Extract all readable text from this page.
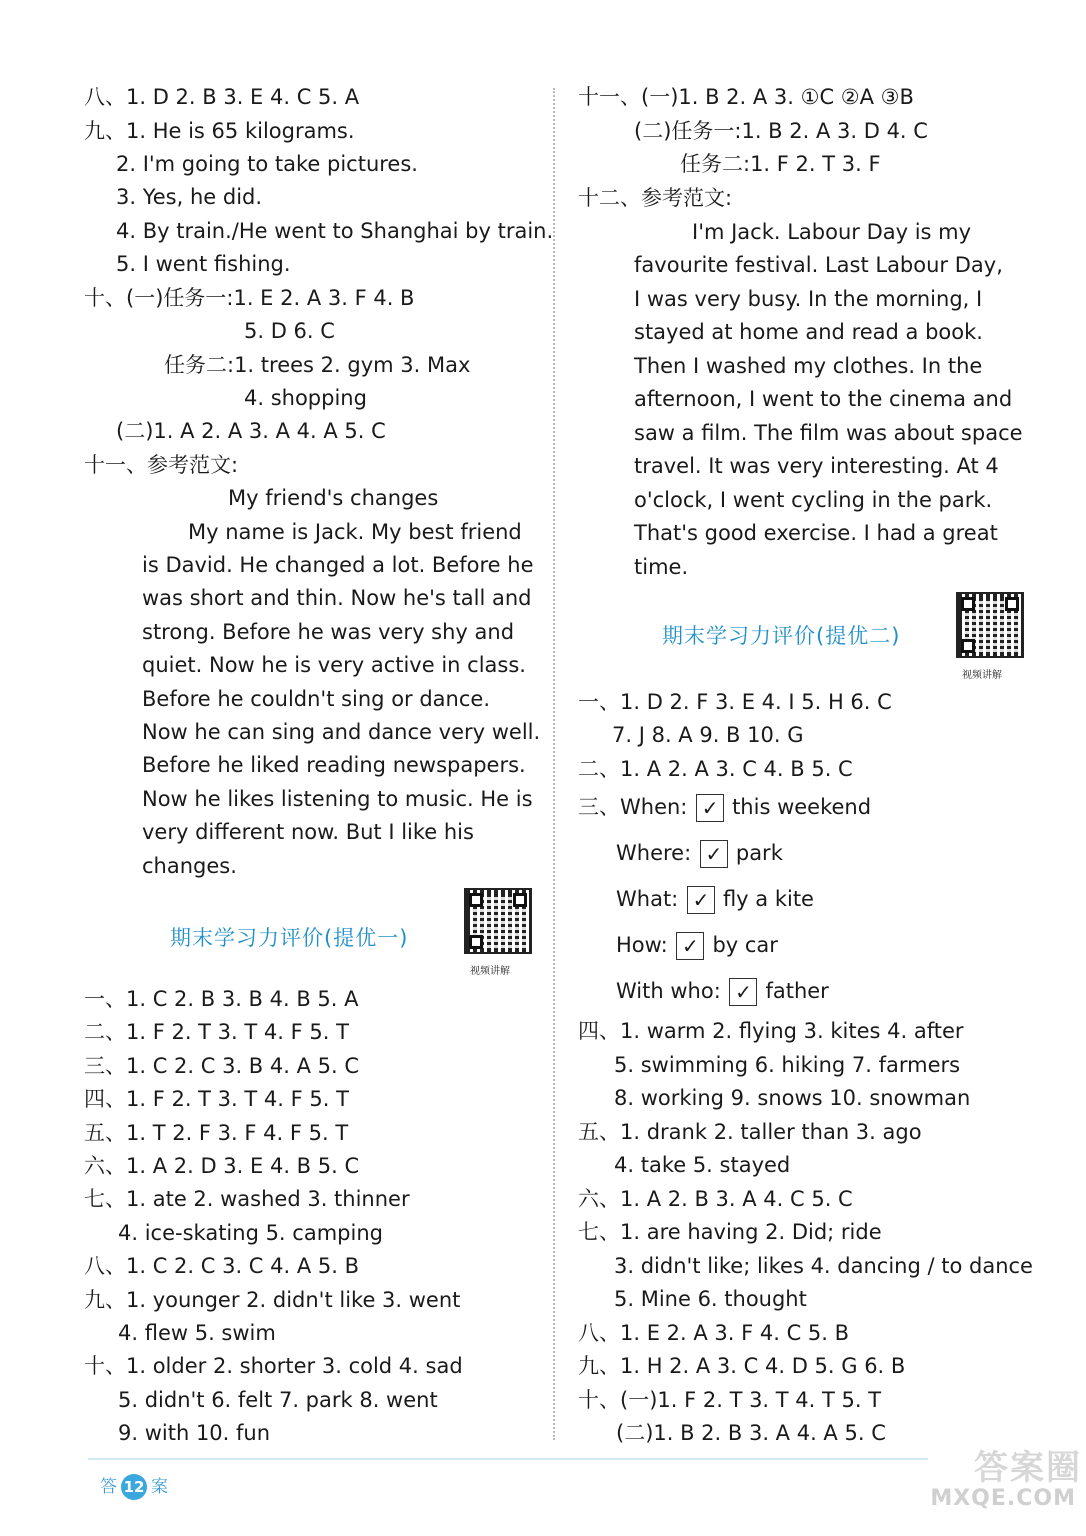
八、1. D 2. B 3. E 4. C 5. A
九、1. He is 65 kilograms.
2. I'm going to take pictures.
3. Yes, he did.
4. By train./He went to Shanghai by train.
5. I went fishing.
十、(一)任务一:1. E 2. A 3. F 4. B
5. D 6. C
任务二:1. trees 2. gym 3. Max
4. shopping
(二)1. A 2. A 3. A 4. A 5. C
十一、参考范文:
My friend's changes
My name is Jack. My best friend
is David. He changed a lot. Before he
was short and thin. Now he's tall and
strong. Before he was very shy and
quiet. Now he is very active in class.
Before he couldn't sing or dance.
Now he can sing and dance very well.
Before he liked reading newspapers.
Now he likes listening to music. He is
very different now. But I like his
changes.
期末学习力评价(提优一)
视频讲解
一、1. C 2. B 3. B 4. B 5. A
二、1. F 2. T 3. T 4. F 5. T
三、1. C 2. C 3. B 4. A 5. C
四、1. F 2. T 3. T 4. F 5. T
五、1. T 2. F 3. F 4. F 5. T
六、1. A 2. D 3. E 4. B 5. C
七、1. ate 2. washed 3. thinner
4. ice-skating 5. camping
八、1. C 2. C 3. C 4. A 5. B
九、1. younger 2. didn't like 3. went
4. flew 5. swim
十、1. older 2. shorter 3. cold 4. sad
5. didn't 6. felt 7. park 8. went
9. with 10. fun
十一、(一)1. B 2. A 3. ①C ②A ③B
(二)任务一:1. B 2. A 3. D 4. C
任务二:1. F 2. T 3. F
十二、参考范文:
I'm Jack. Labour Day is my
favourite festival. Last Labour Day,
I was very busy. In the morning, I
stayed at home and read a book.
Then I washed my clothes. In the
afternoon, I went to the cinema and
saw a film. The film was about space
travel. It was very interesting. At 4
o'clock, I went cycling in the park.
That's good exercise. I had a great
time.
期末学习力评价(提优二)
视频讲解
一、1. D 2. F 3. E 4. I 5. H 6. C
7. J 8. A 9. B 10. G
二、1. A 2. A 3. C 4. B 5. C
三、When: ✓ this weekend
Where: ✓ park
What: ✓ fly a kite
How: ✓ by car
With who: ✓ father
四、1. warm 2. flying 3. kites 4. after
5. swimming 6. hiking 7. farmers
8. working 9. snows 10. snowman
五、1. drank 2. taller than 3. ago
4. take 5. stayed
六、1. A 2. B 3. A 4. C 5. C
七、1. are having 2. Did; ride
3. didn't like; likes 4. dancing / to dance
5. Mine 6. thought
八、1. E 2. A 3. F 4. C 5. B
九、1. H 2. A 3. C 4. D 5. G 6. B
十、(一)1. F 2. T 3. T 4. T 5. T
(二)1. B 2. B 3. A 4. A 5. C
答 12 案	答案圈
MXQE.COM
